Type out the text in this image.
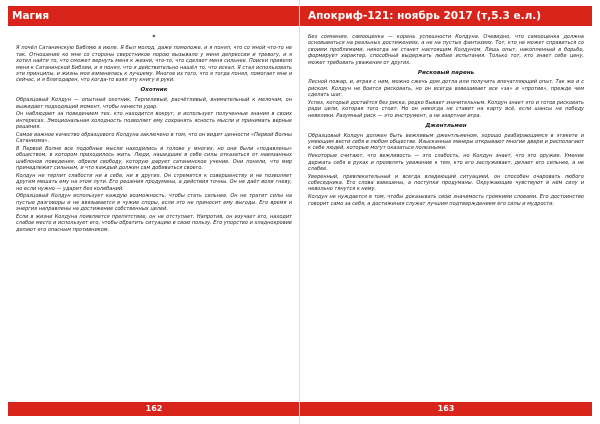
Магия
*

Я почёл Сатанинскую Библию в июле. Я был молод, даже помоложе, и я понял, что со мной что-то не так. Отношение ко мне со стороны сверстников порою вызывало у меня депрессии и тревогу, и я хотел найти то, что сможет вернуть меня к жизни, что-то, что сделает меня сильнее. Поиски привели меня к Сатанинской Библии, и я понял, что я действительно нашёл то, что искал. Я стал использовать эти принципы, и жизнь моя изменилась к лучшему. Многое из того, что я тогда понял, помогает мне и сейчас, и я благодарен, что когда-то взял эту книгу в руки.

Охотник

Образцовый Колдун — опытный охотник. Терпеливый, расчётливый, внимательный к мелочам, он выжидает подходящий момент, чтобы нанести удар.

Он наблюдает за поведением тех, кто находится вокруг, и использует полученные знания в своих интересах. Эмоциональная холодность позволяет ему сохранять ясность мысли и принимать верные решения.

Самое важное качество образцового Колдуна заключено в том, что он видит ценности «Первой Волны Сатанизма».

В Первой Волне все подобные мысли находились в голове у многих, но они были «подавлены» обществом, в котором приходилось жить. Люди, нашедшие в себе силы отказаться от навязанных шаблонов поведения, обрели свободу, которую дарует сатанинское учение. Они поняли, что мир принадлежит сильным, и что каждый должен сам добиваться своего.

Колдун не терпит слабости ни в себе, ни в других. Он стремится к совершенству и не позволяет другим мешать ему на этом пути. Его решения продуманы, а действия точны. Он не даёт воли гневу, но если нужно — ударит без колебаний.

Образцовый Колдун использует каждую возможность, чтобы стать сильнее. Он не тратит силы на пустые разговоры и не ввязывается в чужие споры, если это не приносит ему выгоды. Его время и энергия направлены на достижение собственных целей.

Если в жизни Колдуна появляется препятствие, он не отступает. Напротив, он изучает его, находит слабое место и использует его, чтобы обратить ситуацию в свою пользу. Его упорство и хладнокровие делают его опасным противником.

162
Апокриф-121: ноябрь 2017 (т,5.3 е.л.)

Без сомнения, самооценка — корень успешности Колдуна. Очевидно, что самооценка должна основываться на реальных достижениях, а не на пустых фантазиях. Тот, кто не может справиться со своими проблемами, никогда не станет настоящим Колдуном. Лишь опыт, накопленный в борьбе, формирует характер, способный выдержать любые испытания. Только тот, кто знает себе цену, может требовать уважения от других.

Рисковый парень

Лесной пожар, и, играя с ним, можно сжечь дом дотла или получить впечатляющий опыт. Так же и с риском. Колдун не боится рисковать, но он всегда взвешивает все «за» и «против», прежде чем сделать шаг.

Успех, который достаётся без риска, редко бывает значительным. Колдун знает это и готов рисковать ради цели, которая того стоит. Но он никогда не ставит на карту всё, если шансы на победу невелики. Разумный риск — это инструмент, а не азартная игра.

Джентльмен

Образцовый Колдун должен быть вежливым джентльменом, хорошо разбирающимся в этикете и умеющим вести себя в любом обществе. Изысканные манеры открывают многие двери и располагают к себе людей, которые могут оказаться полезными.

Некоторые считают, что вежливость — это слабость, но Колдун знает, что это оружие. Умение держать себя в руках и проявлять уважение к тем, кто его заслуживает, делает его сильнее, а не слабее.

Уверенный, привлекательный и всегда владеющий ситуацией, он способен очаровать любого собеседника. Его слова взвешены, а поступки продуманы. Окружающие чувствуют в нём силу и невольно тянутся к нему.

Колдун не нуждается в том, чтобы доказывать свою значимость громкими словами. Его достоинство говорит само за себя, а достижения служат лучшим подтверждением его силы и мудрости.

163
